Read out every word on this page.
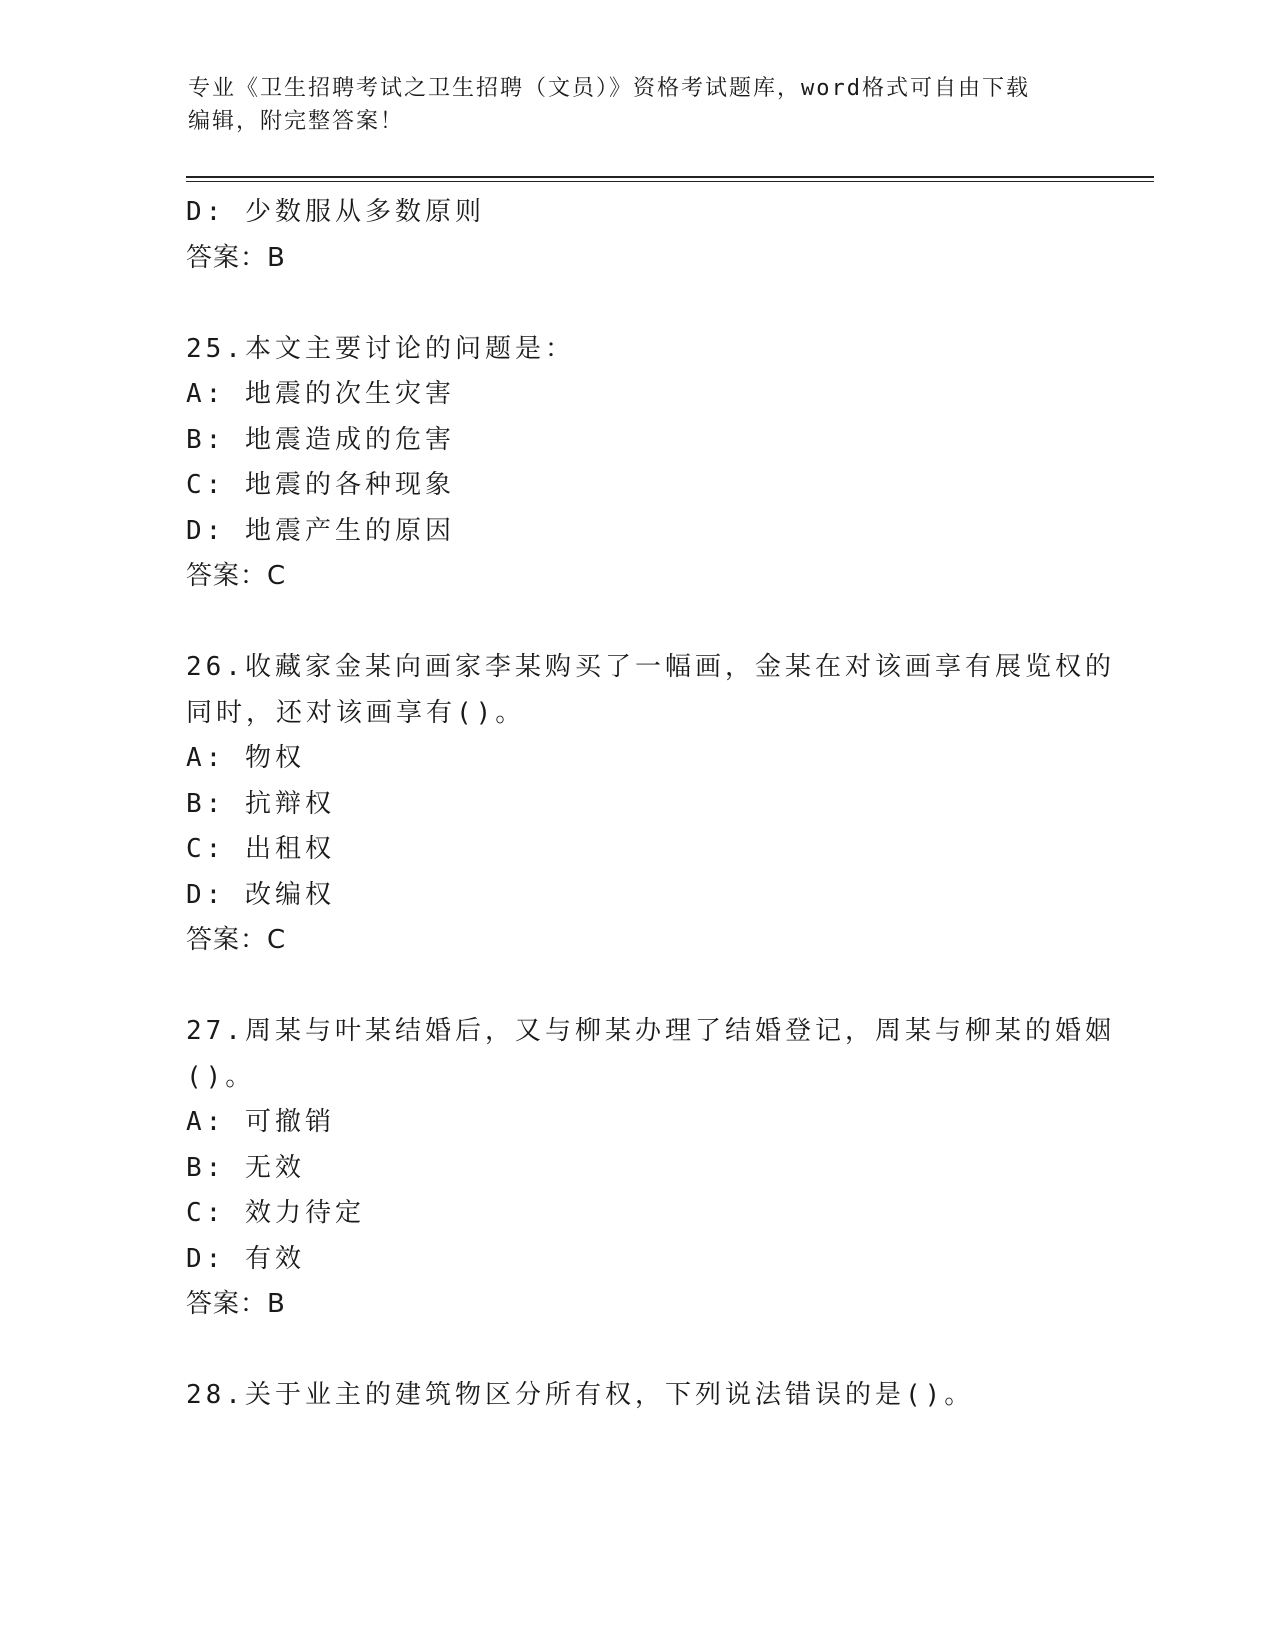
专业《卫生招聘考试之卫生招聘（文员）》资格考试题库，word格式可自由下载
编辑，附完整答案！
D: 少数服从多数原则
答案：B
25.本文主要讨论的问题是：
A: 地震的次生灾害
B: 地震造成的危害
C: 地震的各种现象
D: 地震产生的原因
答案：C
26.收藏家金某向画家李某购买了一幅画，金某在对该画享有展览权的
同时，还对该画享有()。
A: 物权
B: 抗辩权
C: 出租权
D: 改编权
答案：C
27.周某与叶某结婚后，又与柳某办理了结婚登记，周某与柳某的婚姻
()。
A: 可撤销
B: 无效
C: 效力待定
D: 有效
答案：B
28.关于业主的建筑物区分所有权，下列说法错误的是()。
